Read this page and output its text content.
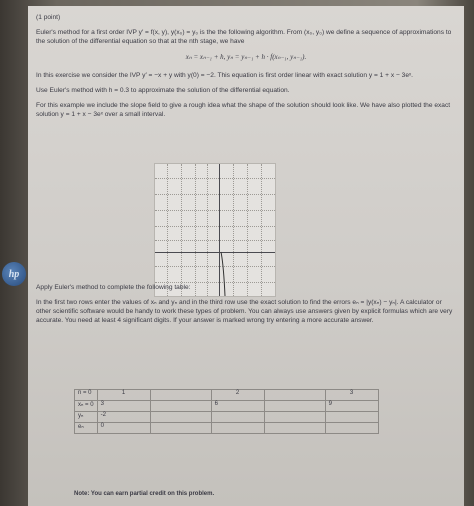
hp
(1 point)
Euler's method for a first order IVP y′ = f(x, y), y(x₀) = y₀ is the the following algorithm. From (x₀, y₀) we define a sequence of approximations to the solution of the differential equation so that at the nth stage, we have
xₙ = xₙ₋₁ + h, yₙ = yₙ₋₁ + h · f(xₙ₋₁, yₙ₋₁).
In this exercise we consider the IVP y′ = −x + y with y(0) = −2. This equation is first order linear with exact solution y = 1 + x − 3eˣ.
Use Euler's method with h = 0.3 to approximate the solution of the differential equation.
For this example we include the slope field to give a rough idea what the shape of the solution should look like. We have also plotted the exact solution y = 1 + x − 3eˣ over a small interval.
Apply Euler's method to complete the following table:
In the first two rows enter the values of xₙ and yₙ and in the third row use the exact solution to find the errors eₙ = |y(xₙ) − yₙ|. A calculator or other scientific software would be handy to work these types of problem. You can always use answers given by explicit formulas which are very accurate. You need at least 4 significant digits. If your answer is marked wrong try entering a more accurate answer.
n = 0	1		2		3
xₙ = 0	3		6		9
yₙ	-2				
eₙ	0				
Note: You can earn partial credit on this problem.
